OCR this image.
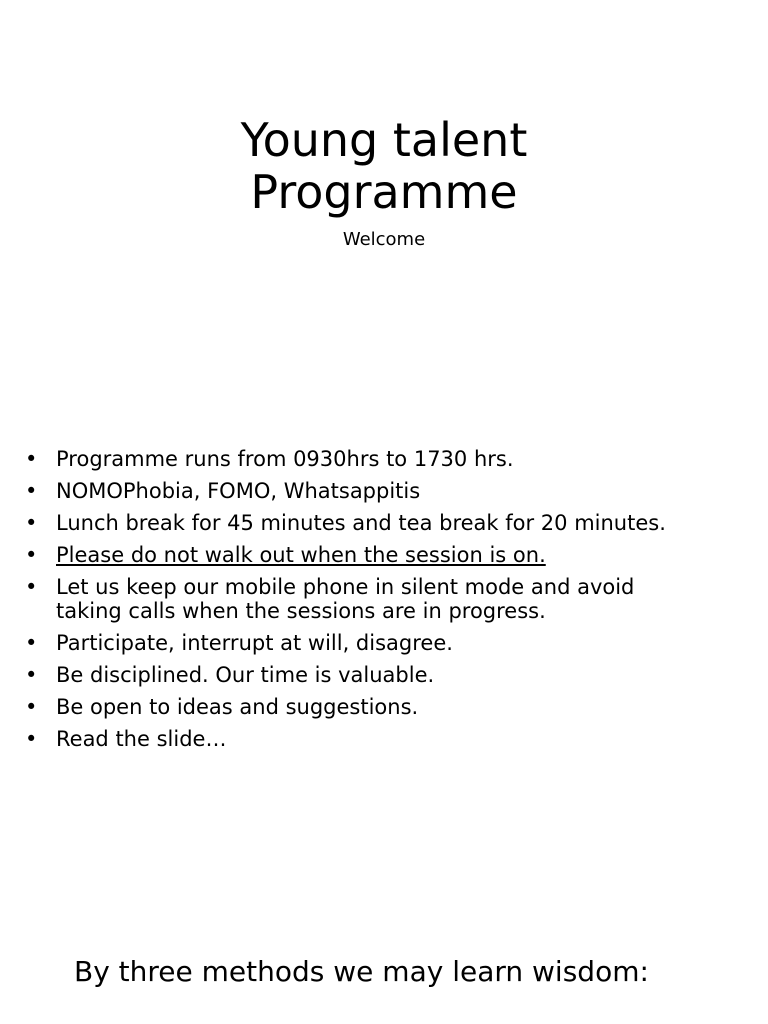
Young talent
Programme

Welcome

• Programme runs from 0930hrs to 1730 hrs.
• NOMOPhobia, FOMO, Whatsappitis
• Lunch break for 45 minutes and tea break for 20 minutes.
• Please do not walk out when the session is on.
• Let us keep our mobile phone in silent mode and avoid taking calls when the sessions are in progress.
• Participate, interrupt at will, disagree.
• Be disciplined. Our time is valuable.
• Be open to ideas and suggestions.
• Read the slide…
By three methods we may learn wisdom:
